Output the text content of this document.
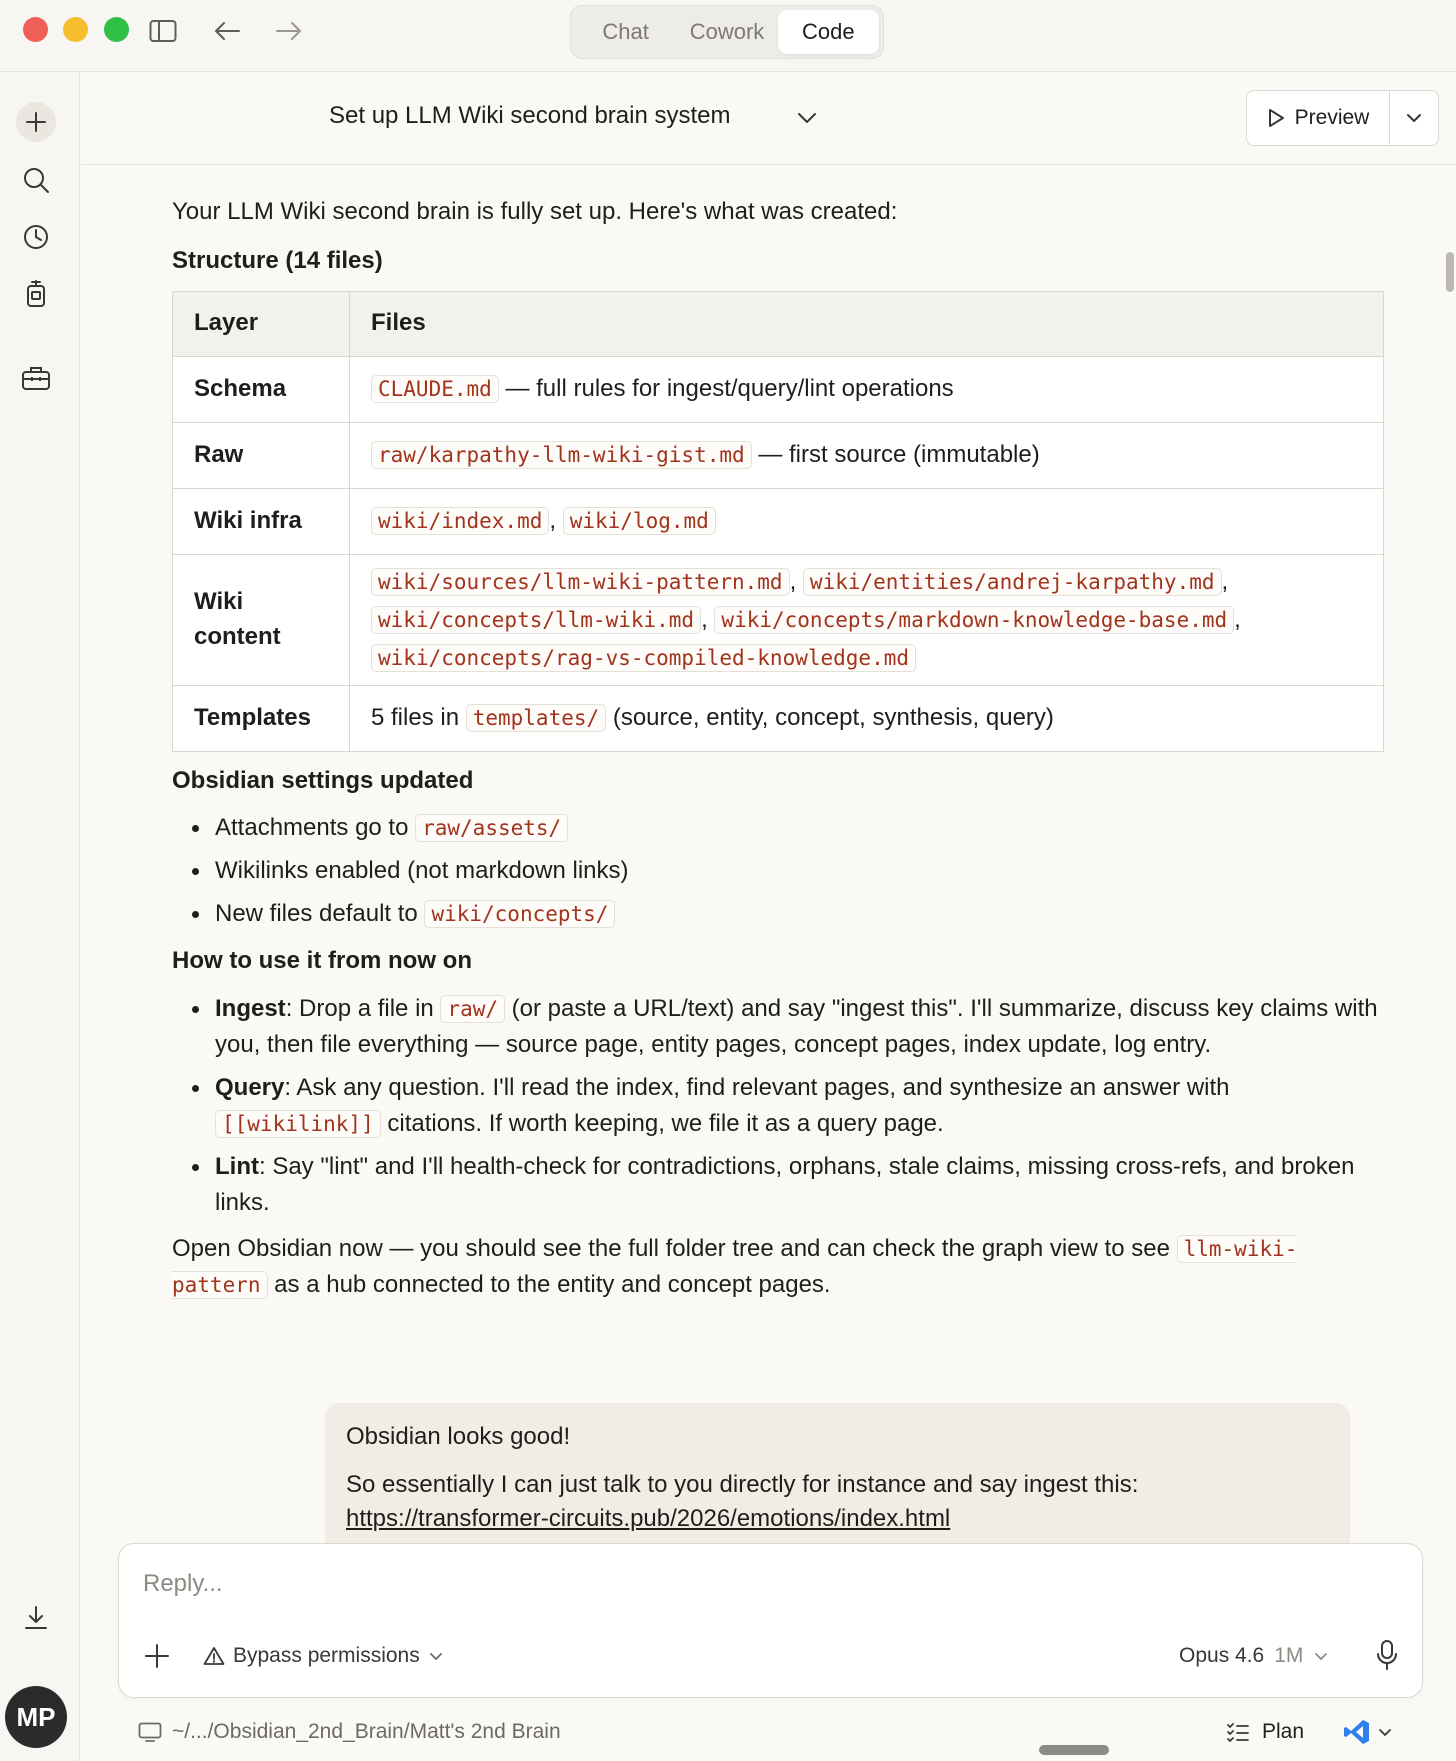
Chat	Cowork	Code
MP
Set up LLM Wiki second brain system	Preview
Your LLM Wiki second brain is fully set up. Here's what was created:
Structure (14 files)
Layer	Files
Schema	CLAUDE.md — full rules for ingest/query/lint operations
Raw	raw/karpathy-llm-wiki-gist.md — first source (immutable)
Wiki infra	wiki/index.md , wiki/log.md
Wiki content	wiki/sources/llm-wiki-pattern.md , wiki/entities/andrej-karpathy.md , wiki/concepts/llm-wiki.md , wiki/concepts/markdown-knowledge-base.md , wiki/concepts/rag-vs-compiled-knowledge.md
Templates	5 files in templates/ (source, entity, concept, synthesis, query)
Obsidian settings updated
Attachments go to raw/assets/
Wikilinks enabled (not markdown links)
New files default to wiki/concepts/
How to use it from now on
Ingest: Drop a file in raw/ (or paste a URL/text) and say "ingest this". I'll summarize, discuss key claims with you, then file everything — source page, entity pages, concept pages, index update, log entry.
Query: Ask any question. I'll read the index, find relevant pages, and synthesize an answer with [[wikilink]] citations. If worth keeping, we file it as a query page.
Lint: Say "lint" and I'll health-check for contradictions, orphans, stale claims, missing cross-refs, and broken links.
Open Obsidian now — you should see the full folder tree and can check the graph view to see llm-wiki-pattern as a hub connected to the entity and concept pages.

Obsidian looks good!

So essentially I can just talk to you directly for instance and say ingest this:
https://transformer-circuits.pub/2026/emotions/index.html

Reply...
Bypass permissions	Opus 4.6 1M
~/.../Obsidian_2nd_Brain/Matt's 2nd Brain	Plan
